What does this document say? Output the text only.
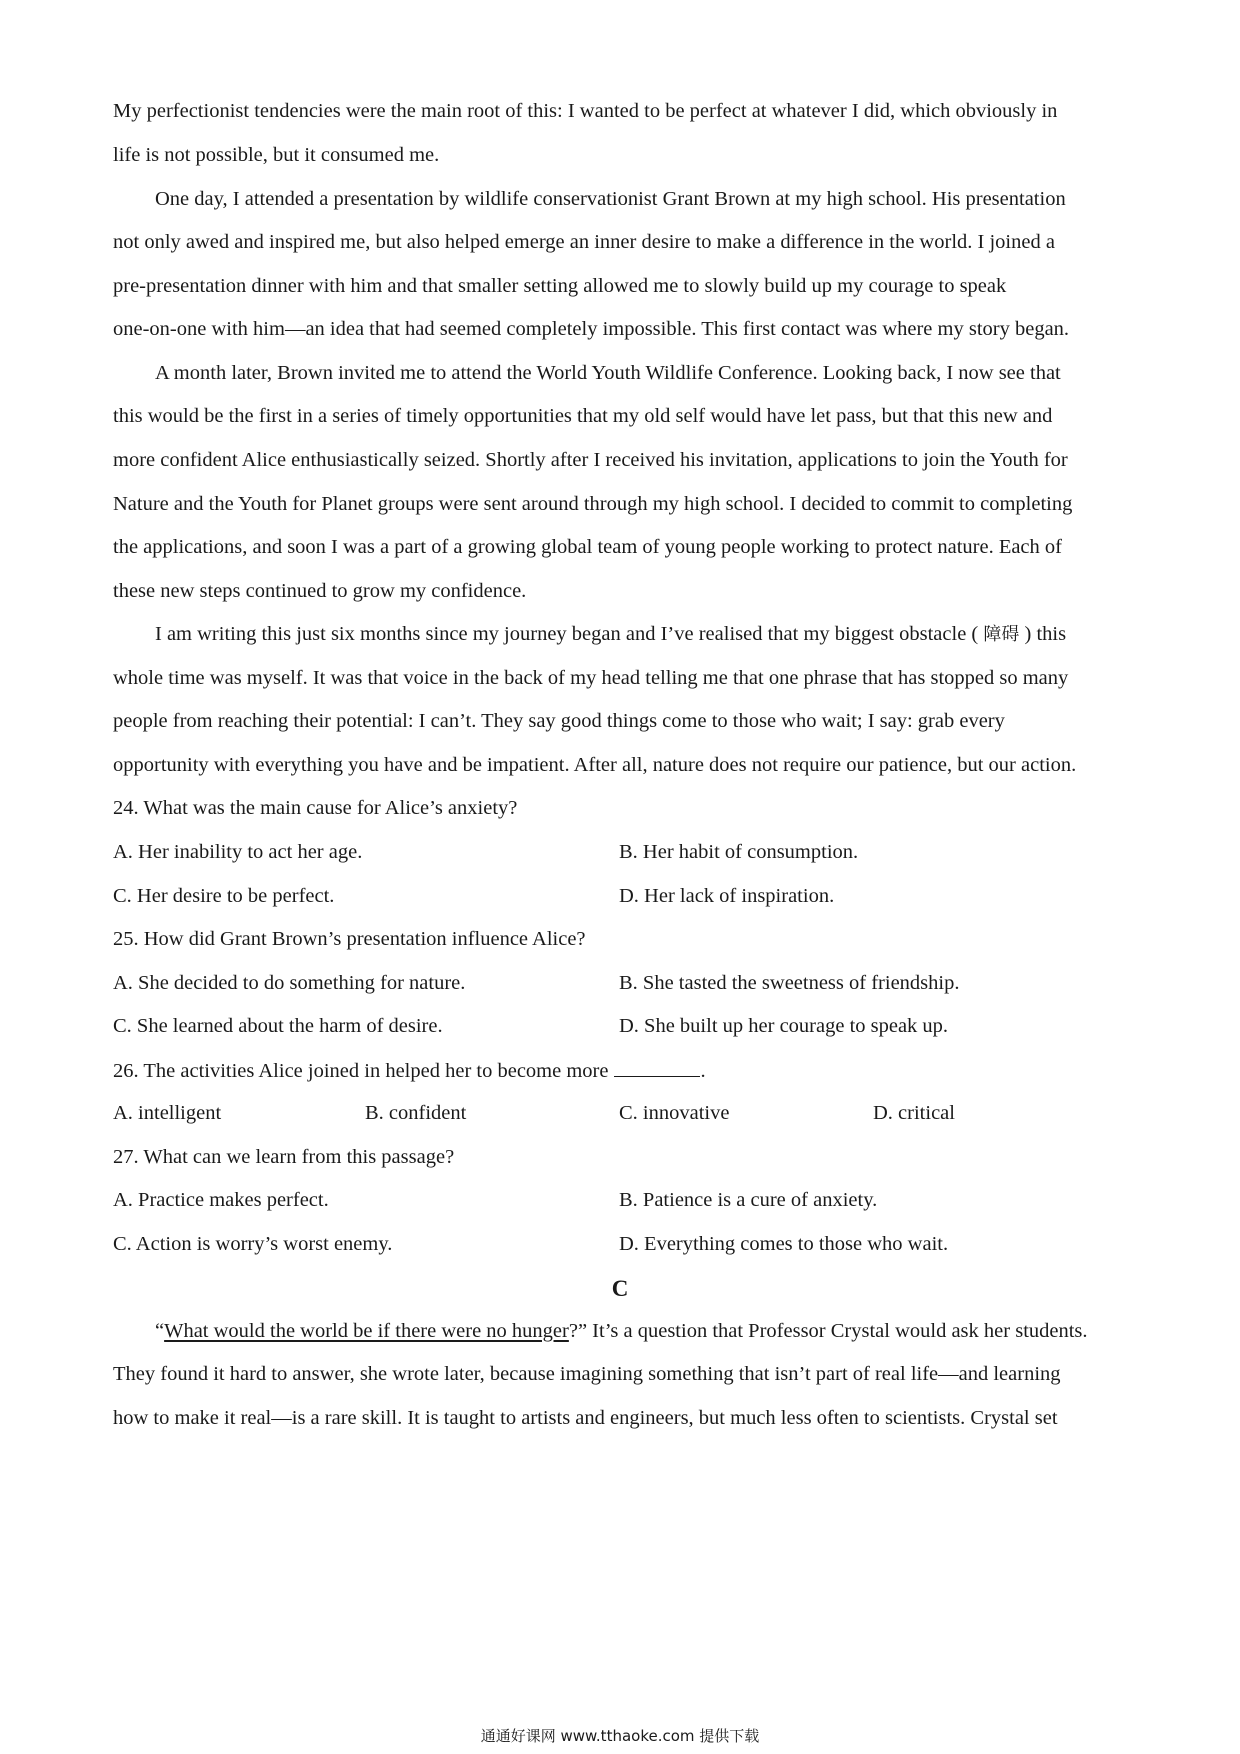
My perfectionist tendencies were the main root of this: I wanted to be perfect at whatever I did, which obviously in
life is not possible, but it consumed me.
One day, I attended a presentation by wildlife conservationist Grant Brown at my high school. His presentation
not only awed and inspired me, but also helped emerge an inner desire to make a difference in the world. I joined a
pre-presentation dinner with him and that smaller setting allowed me to slowly build up my courage to speak
one-on-one with him—an idea that had seemed completely impossible. This first contact was where my story began.
A month later, Brown invited me to attend the World Youth Wildlife Conference. Looking back, I now see that
this would be the first in a series of timely opportunities that my old self would have let pass, but that this new and
more confident Alice enthusiastically seized. Shortly after I received his invitation, applications to join the Youth for
Nature and the Youth for Planet groups were sent around through my high school. I decided to commit to completing
the applications, and soon I was a part of a growing global team of young people working to protect nature. Each of
these new steps continued to grow my confidence.
I am writing this just six months since my journey began and I’ve realised that my biggest obstacle ( 障碍 ) this
whole time was myself. It was that voice in the back of my head telling me that one phrase that has stopped so many
people from reaching their potential: I can’t. They say good things come to those who wait; I say: grab every
opportunity with everything you have and be impatient. After all, nature does not require our patience, but our action.
24. What was the main cause for Alice’s anxiety?
A. Her inability to act her age.	B. Her habit of consumption.
C. Her desire to be perfect.	D. Her lack of inspiration.
25. How did Grant Brown’s presentation influence Alice?
A. She decided to do something for nature.	B. She tasted the sweetness of friendship.
C. She learned about the harm of desire.	D. She built up her courage to speak up.
26. The activities Alice joined in helped her to become more	.
A. intelligent	B. confident	C. innovative	D. critical
27. What can we learn from this passage?
A. Practice makes perfect.	B. Patience is a cure of anxiety.
C. Action is worry’s worst enemy.	D. Everything comes to those who wait.
C
“What would the world be if there were no hunger?” It’s a question that Professor Crystal would ask her students.
They found it hard to answer, she wrote later, because imagining something that isn’t part of real life—and learning
how to make it real—is a rare skill. It is taught to artists and engineers, but much less often to scientists. Crystal set
通通好课网 www.tthaoke.com 提供下载
